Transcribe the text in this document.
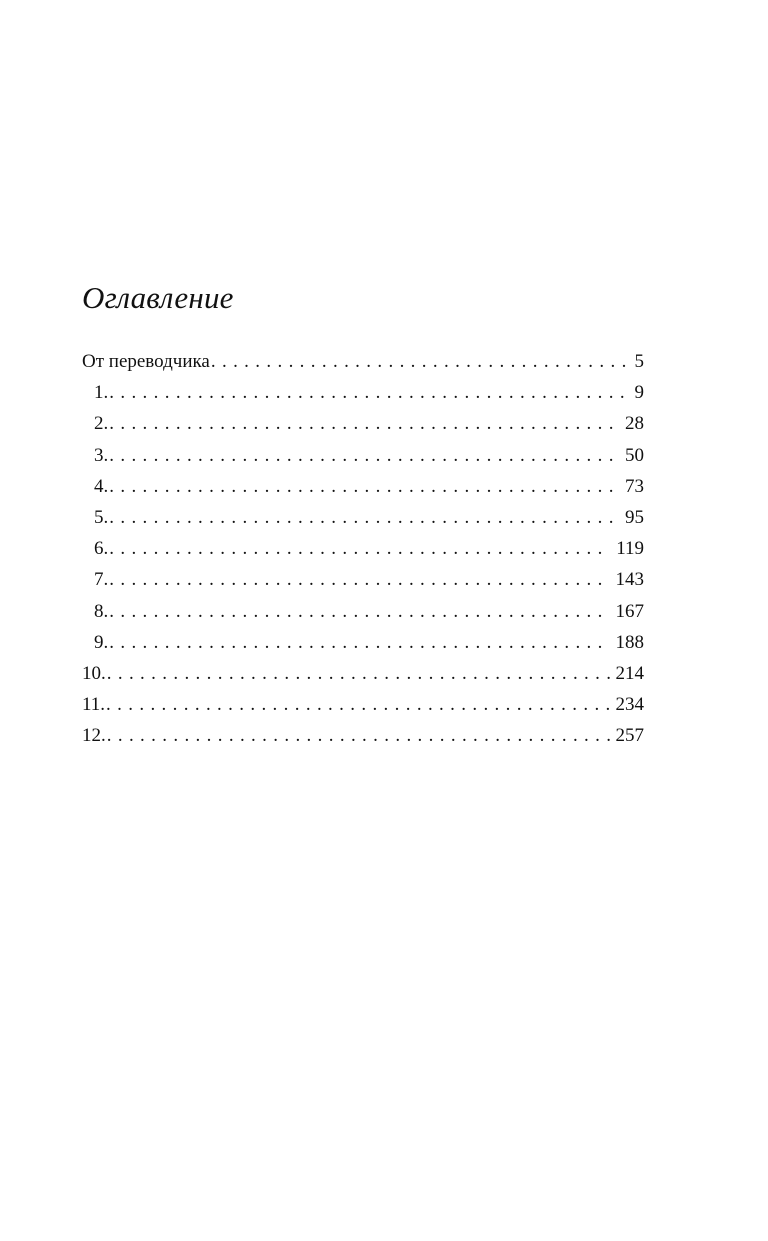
Оглавление
От переводчика . . .	5
1. . . .	9
2. . . .	28
3. . . .	50
4. . . .	73
5. . . .	95
6. . . .	119
7. . . .	143
8. . . .	167
9. . . .	188
10. . . .	214
11. . . .	234
12. . . .	257
